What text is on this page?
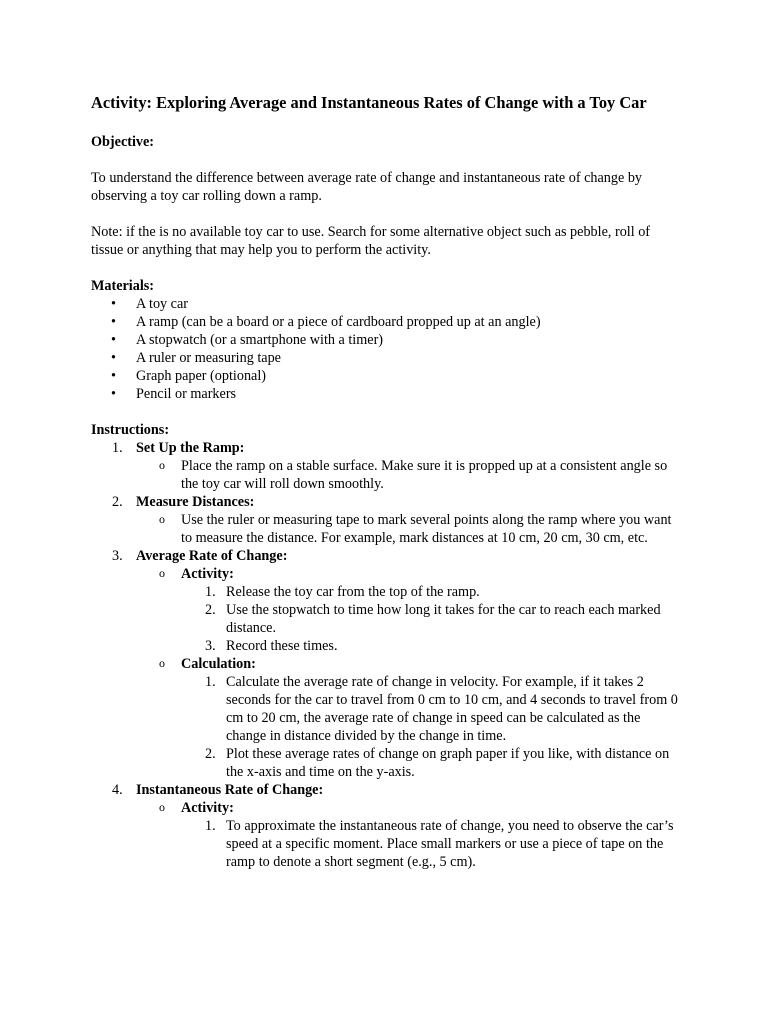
Activity: Exploring Average and Instantaneous Rates of Change with a Toy Car
Objective:

To understand the difference between average rate of change and instantaneous rate of change by observing a toy car rolling down a ramp.

Note: if the is no available toy car to use. Search for some alternative object such as pebble, roll of tissue or anything that may help you to perform the activity.

Materials:
• A toy car
• A ramp (can be a board or a piece of cardboard propped up at an angle)
• A stopwatch (or a smartphone with a timer)
• A ruler or measuring tape
• Graph paper (optional)
• Pencil or markers
Instructions:
1. Set Up the Ramp:
o Place the ramp on a stable surface. Make sure it is propped up at a consistent angle so the toy car will roll down smoothly.
2. Measure Distances:
o Use the ruler or measuring tape to mark several points along the ramp where you want to measure the distance. For example, mark distances at 10 cm, 20 cm, 30 cm, etc.
3. Average Rate of Change:
o Activity:
1. Release the toy car from the top of the ramp.
2. Use the stopwatch to time how long it takes for the car to reach each marked distance.
3. Record these times.
o Calculation:
1. Calculate the average rate of change in velocity. For example, if it takes 2 seconds for the car to travel from 0 cm to 10 cm, and 4 seconds to travel from 0 cm to 20 cm, the average rate of change in speed can be calculated as the change in distance divided by the change in time.
2. Plot these average rates of change on graph paper if you like, with distance on the x-axis and time on the y-axis.
4. Instantaneous Rate of Change:
o Activity:
1. To approximate the instantaneous rate of change, you need to observe the car’s speed at a specific moment. Place small markers or use a piece of tape on the ramp to denote a short segment (e.g., 5 cm).
